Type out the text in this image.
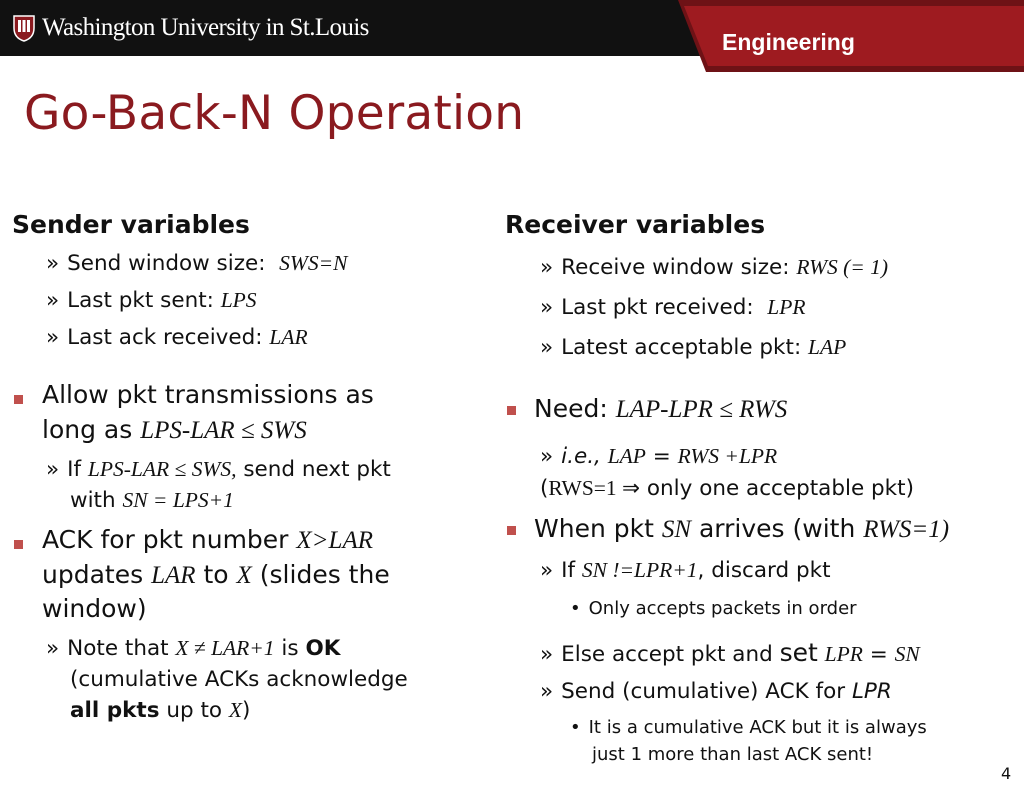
Washington University in St.Louis
Engineering
Go-Back-N Operation
Sender variables
» Send window size: SWS=N
» Last pkt sent: LPS
» Last ack received: LAR
Allow pkt transmissions as
long as LPS-LAR ≤ SWS
» If LPS-LAR ≤ SWS, send next pkt
with SN = LPS+1
ACK for pkt number X>LAR
updates LAR to X (slides the
window)
» Note that X ≠ LAR+1 is OK
(cumulative ACKs acknowledge
all pkts up to X)
Receiver variables
» Receive window size: RWS (= 1)
» Last pkt received: LPR
» Latest acceptable pkt: LAP
Need: LAP-LPR ≤ RWS
» i.e., LAP = RWS +LPR
(RWS=1 ⇒ only one acceptable pkt)
When pkt SN arrives (with RWS=1)
» If SN !=LPR+1, discard pkt
• Only accepts packets in order
» Else accept pkt and set LPR = SN
» Send (cumulative) ACK for LPR
• It is a cumulative ACK but it is always
just 1 more than last ACK sent!
4
